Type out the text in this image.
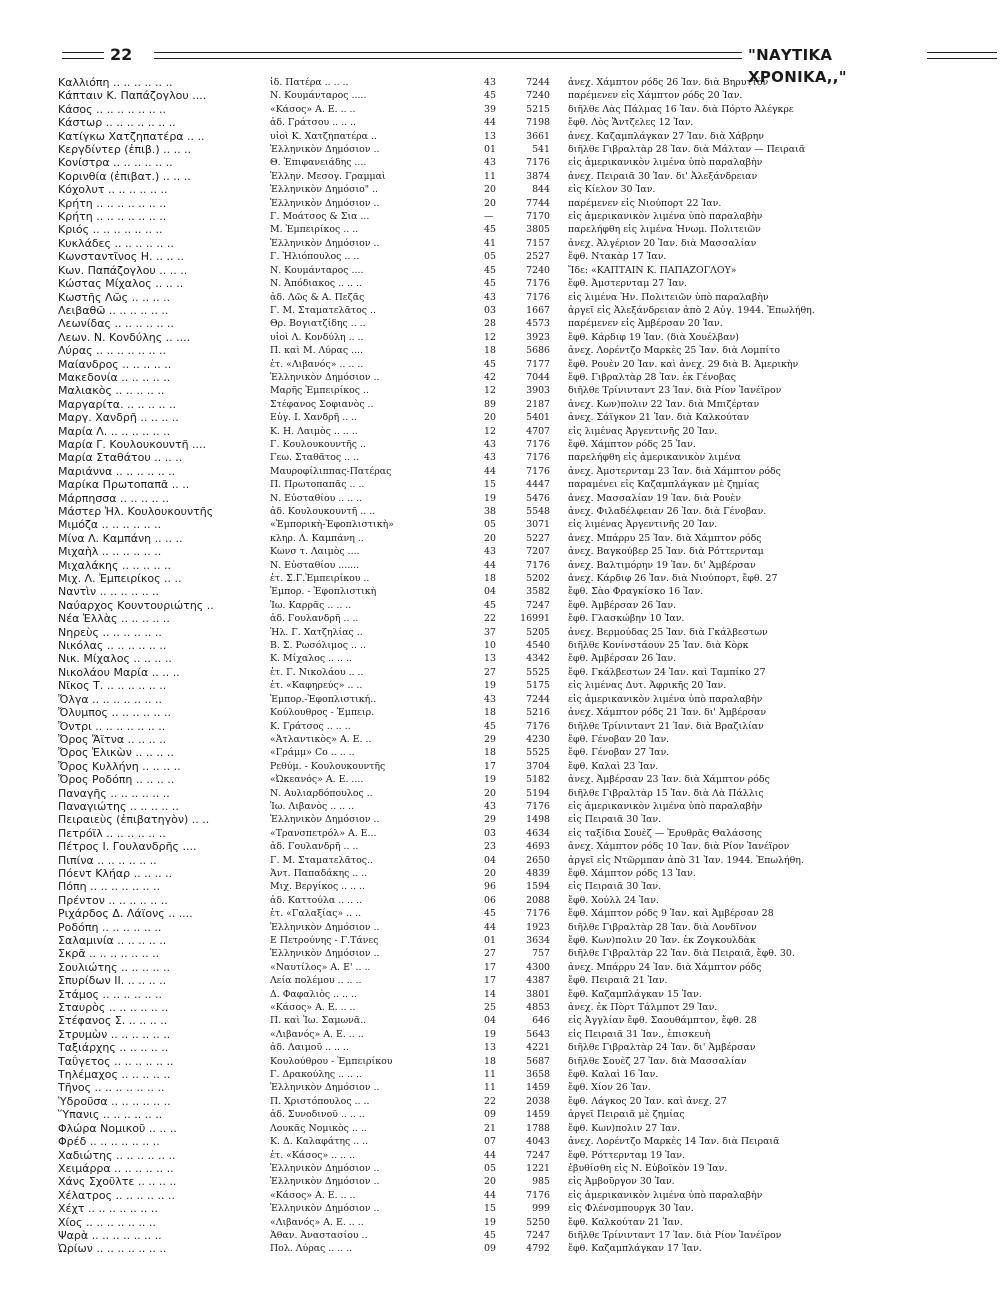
22	"ΝΑΥΤΙΚΑ ΧΡΟΝΙΚΑ,,"
Καλλιόπη .. .. .. .. .. ..	ἰδ. Πατέρα .. .. ..	43	7244 ἀνεχ. Χάμπτον ρόδς 26 Ἰαν. διὰ Βηρυττὸν
Κάπταιν Κ. Παπάζογλου ....	Ν. Κουμάνταρος .....	45	7240 παρέμενεν εἰς Χάμπτον ρόδς 20 Ἰαν.
Κάσος .. .. .. .. .. .. ..	«Κάσος» Α. Ε. .. ..	39	5215 διῆλθε Λὰς Πάλμας 16 Ἰαν. διὰ Πόρτο Ἀλέγκρε
Κάστωρ .. .. .. .. .. .. ..	ἀδ. Γράτσου .. .. ..	44	7198 ἔφθ. Λὸς Ἄντζελες 12 Ἰαν.
Κατίγκω Χατζηπατέρα .. ..	υἱοὶ Κ. Χατζηπατέρα ..	13	3661 ἀνεχ. Καζαμπλάγκαν 27 Ἰαν. διὰ Χάβρην
Κεργδίντερ (ἐπιβ.) .. .. ..	Ἑλληνικὸν Δημόσιον ..	01	541 διῆλθε Γιβραλτὰρ 28 Ἰαν. διὰ Μάλταν — Πειραιᾶ
Κονίστρα .. .. .. .. .. ..	Θ. Ἐπιφανειάδης ....	43	7176 εἰς ἀμερικανικὸν λιμένα ὑπὸ παραλαβὴν
Κορινθία (ἐπιβατ.) .. .. ..	Ἑλλην. Μεσογ. Γραμμαὶ	11	3874 ἀνεχ. Πειραιᾶ 30 Ἰαν. δι' Ἀλεξάνδρειαν
Κόχολυτ .. .. .. .. .. ..	Ἑλληνικὸν Δημόσιο" ..	20	844 εἰς Κίελον 30 Ἰαν.
Κρήτη .. .. .. .. .. .. ..	Ἑλληνικὸν Δημόσιον ..	20	7744 παρέμενεν εἰς Νιούπορτ 22 Ἰαν.
Κρήτη .. .. .. .. .. .. ..	Γ. Μοάτσος & Σια ...	—	7170 εἰς ἀμερικανικὸν λιμένα ὑπὸ παραλαβὴν
Κριός .. .. .. .. .. .. ..	Μ. Ἐμπειρίκος .. ..	45	3805 παρελήφθη εἰς λιμένα Ἡνωμ. Πολιτειῶν
Κυκλάδες .. .. .. .. .. ..	Ἑλληνικὸν Δημόσιον ..	41	7157 ἀνεχ. Ἀλγέριον 20 Ἰαν. διὰ Μασσαλίαν
Κωνσταντῖνος Η. .. .. ..	Γ. Ἠλιόπουλος .. ..	05	2527 ἔφθ. Ντακὰρ 17 Ἰαν.
Κων. Παπάζογλου .. .. ..	Ν. Κουμάνταρος ....	45	7240 Ἴδε: «ΚΑΠΤΑΙΝ Κ. ΠΑΠΑΖΟΓΛΟΥ»
Κώστας Μίχαλος .. .. ..	Ν. Ἀπόδιακος .. .. ..	45	7176 ἔφθ. Ἀμστερνταμ 27 Ἰαν.
Κωστῆς Λῶς .. .. .. ..	ἀδ. Λῶς & Α. Πεζᾶς	43	7176 εἰς λιμένα Ἡν. Πολιτειῶν ὑπὸ παραλαβὴν
Λειβαθῶ .. .. .. .. .. ..	Γ. Μ. Σταματελᾶτος ..	03	1667 ἀργεῖ εἰς Ἀλεξάνδρειαν ἀπὸ 2 Αὐγ. 1944. Ἐπωλήθη.
Λεωνίδας .. .. .. .. .. ..	Θρ. Βογιατζίδης .. ..	28	4573 παρέμενεν εἰς Ἀμβέρσαν 20 Ἰαν.
Λεων. Ν. Κονδύλης .. ....	υἱοὶ Λ. Κονδύλη .. ..	12	3923 ἔφθ. Κάρδιφ 19 Ἰαν. (διὰ Χουέλβαν)
Λύρας .. .. .. .. .. .. ..	Π. καὶ Μ. Λύρας ....	18	5686 ἀνεχ. Λορέντζο Μαρκὲς 25 Ἰαν. διὰ Λομπίτο
Μαίανδρος .. .. .. .. ..	ἑτ. «Λιβανός» .. .. ..	45	7177 ἔφθ. Ρουὲν 20 Ἰαν. καὶ ἀνεχ. 29 διὰ Β. Ἀμερικὴν
Μακεδονία .. .. .. .. ..	Ἑλληνικὸν Δημόσιον ..	42	7044 ἔφθ. Γιβραλτὰρ 28 Ἰαν. ἐκ Γένοβας
Μαλιακὸς .. .. .. .. ..	Μαρῆς Ἐμπειρίκος ..	12	3903 διῆλθε Τρίνινταντ 23 Ἰαν. διὰ Ρίον Ἰανέϊρον
Μαργαρίτα. .. .. .. .. ..	Στέφανος Σοφιανὸς ..	89	2187 ἀνεχ. Κων)πολιν 22 Ἰαν. διὰ Μπιζέρταν
Μαργ. Χανδρῆ .. .. .. ..	Εὐγ. Ι. Χανδρῆ .. ..	20	5401 ἀνεχ. Σάϊγκον 21 Ἰαν. διὰ Καλκούταν
Μαρία Λ. .. .. .. .. .. ..	Κ. Η. Λαιμὸς .. .. ..	12	4707 εἰς λιμένας Ἀργεντινῆς 20 Ἰαν.
Μαρία Γ. Κουλουκουντῆ ....	Γ. Κουλουκουντῆς ..	43	7176 ἔφθ. Χάμπτον ρόδς 25 Ἰαν.
Μαρία Σταθάτου .. .. ..	Γεω. Σταθᾶτος .. ..	43	7176 παρελήφθη εἰς ἀμερικανικὸν λιμένα
Μαριάννα .. .. .. .. .. ..	Μαυροφίλιππας-Πατέρας	44	7176 ἀνεχ. Ἀμστερνταμ 23 Ἰαν. διὰ Χάμπτον ρόδς
Μαρίκα Πρωτοπαπᾶ .. ..	Π. Πρωτοπαπᾶς .. ..	15	4447 παραμένει εἰς Καζαμπλάγκαν μὲ ζημίας
Μάρπησσα .. .. .. .. ..	Ν. Εὐσταθίου .. .. ..	19	5476 ἀνεχ. Μασσαλίαν 19 Ἰαν. διὰ Ρουὲν
Μάστερ Ἠλ. Κουλουκουντῆς	ἀδ. Κουλουκουντῆ .. ..	38	5548 ἀνεχ. Φιλαδέλφειαν 26 Ἰαν. διὰ Γένοβαν.
Μιμόζα .. .. .. .. .. ..	«Ἐμπορικὴ-Ἐφοπλιστικὴ»	05	3071 εἰς λιμένας Ἀργεντινῆς 20 Ἰαν.
Μίνα Λ. Καμπάνη .. .. ..	κληρ. Λ. Καμπάνη ..	20	5227 ἀνεχ. Μπάρρυ 25 Ἰαν. διὰ Χάμπτον ρόδς
Μιχαὴλ .. .. .. .. .. ..	Κωνσ τ. Λαιμὸς ....	43	7207 ἀνεχ. Βαγκούβερ 25 Ἰαν. διὰ Ρόττερνταμ
Μιχαλάκης .. .. .. .. ..	Ν. Εὐσταθίου .......	44	7176 ἀνεχ. Βαλτιμόρην 19 Ἰαν. δι' Ἀμβέρσαν
Μιχ. Λ. Ἐμπειρίκος .. ..	ἑτ. Σ.Γ.Ἐμπειρίκου ..	18	5202 ἀνεχ. Κάρδιφ 26 Ἰαν. διὰ Νιούπορτ, ἔφθ. 27
Ναντὶν .. .. .. .. .. ..	Ἐμπορ. - Ἐφοπλιστικὴ	04	3582 ἔφθ. Σὰο Φραγκίσκο 16 Ἰαν.
Ναύαρχος Κουντουριώτης ..	Ἰω. Καρρᾶς .. .. ..	45	7247 ἔφθ. Ἀμβέρσαν 26 Ἰαν.
Νέα Ἑλλὰς .. .. .. .. ..	ἀδ. Γουλανδρῆ .. ..	22	16991 ἔφθ. Γλασκώβην 10 Ἰαν.
Νηρεὺς .. .. .. .. .. ..	Ἠλ. Γ. Χατζηλίας ..	37	5205 ἀνεχ. Βερμούδας 25 Ἰαν. διὰ Γκάλβεστων
Νικόλας .. .. .. .. .. ..	Β. Σ. Ρωσόλιμος .. ..	10	4540 διῆλθε Κονίνστάουν 25 Ἰαν. διὰ Κὸρκ
Νικ. Μίχαλος .. .. .. ..	Κ. Μίχαλος .. .. ..	13	4342 ἔφθ. Ἀμβέρσαν 26 Ἰαν.
Νικολάου Μαρία .. .. ..	ἑτ. Γ. Νικολάου .. ..	27	5525 ἔφθ. Γκάλβεστων 24 Ἰαν. καὶ Ταμπίκο 27
Νῖκος Τ. .. .. .. .. .. ..	ἑτ. «Καφηρεύς» .. ..	19	5175 εἰς λιμένας Δυτ. Ἀφρικῆς 20 Ἰαν.
Ὄλγα .. .. .. .. .. .. ..	Ἐμπορ.-Ἐφοπλιστική..	43	7244 εἰς ἀμερικανικὸν λιμένα ὑπὸ παραλαβὴν
Ὄλυμπος .. .. .. .. .. ..	Κούλουθρος - Ἐμπειρ.	18	5216 ἀνεχ. Χάμπτον ρόδς 21 Ἰαν. δι' Ἀμβέρσαν
Ὄντρι .. .. .. .. .. .. ..	Κ. Γράτσος .. .. ..	45	7176 διῆλθε Τρίνινταντ 21 Ἰαν. διὰ Βραζιλίαν
Ὄρος Ἄϊτνα .. .. .. ..	«Ἀτλαντικὸς» Α. Ε. ..	29	4230 ἔφθ. Γένοβαν 20 Ἰαν.
Ὄρος Ἑλικὼν .. .. .. ..	«Γράμμ» Co .. .. ..	18	5525 ἔφθ. Γένοβαν 27 Ἰαν.
Ὄρος Κυλλήνη .. .. .. ..	Ρεθύμ. - Κουλουκουντῆς	17	3704 ἔφθ. Καλαὶ 23 Ἰαν.
Ὄρος Ροδόπη .. .. .. ..	«Ὠκεανός» Α. Ε. ....	19	5182 ἀνεχ. Ἀμβέρσαν 23 Ἰαν. διὰ Χάμπτον ρόδς
Παναγῆς .. .. .. .. .. ..	Ν. Αυλιαρδόπουλος ..	20	5194 διῆλθε Γιβραλτὰρ 15 Ἰαν. διὰ Λὰ Πάλλις
Παναγιώτης .. .. .. .. ..	Ἰω. Λιβανὸς .. .. ..	43	7176 εἰς ἀμερικανικὸν λιμένα ὑπὸ παραλαβὴν
Πειραιεὺς (ἐπιβατηγὸν) .. ..	Ἑλληνικὸν Δημόσιον ..	29	1498 εἰς Πειραιᾶ 30 Ἰαν.
Πετρόϊλ .. .. .. .. .. ..	«Τρανσπετρόλ» Α. Ε...	03	4634 εἰς ταξίδια Σουὲζ — Ἐρυθρᾶς Θαλάσσης
Πέτρος Ι. Γουλανδρῆς ....	ἀδ. Γουλανδρῆ .. ..	23	4693 ἀνεχ. Χάμπτον ρόδς 10 Ἰαν. διὰ Ρίον Ἰανέϊρον
Πιπίνα .. .. .. .. .. ..	Γ. Μ. Σταματελᾶτος..	04	2650 ἀργεῖ εἰς Ντῶρμπαν ἀπὸ 31 Ἰαν. 1944. Ἐπωλήθη.
Πόεντ Κλήαρ .. .. .. ..	Ἀντ. Παπαδάκης .. ..	20	4839 ἔφθ. Χάμπτον ρόδς 13 Ἰαν.
Πόπη .. .. .. .. .. .. ..	Μιχ. Βεργίκος .. .. ..	96	1594 εἰς Πειραιᾶ 30 Ἰαν.
Πρέντον .. .. .. .. .. ..	ἀδ. Καττούλα .. .. ..	06	2088 ἔφθ. Χούλλ 24 Ἰαν.
Ριχάρδος Δ. Λάϊονς .. ....	ἑτ. «Γαλαξίας» .. ..	45	7176 ἔφθ. Χάμπτον ρόδς 9 Ἰαν. καὶ Ἀμβέρσαν 28
Ροδόπη .. .. .. .. .. ..	Ἑλληνικὸν Δημόσιον ..	44	1923 διῆλθε Γιβραλτὰρ 28 Ἰαν. διὰ Λονδῖνον
Σαλαμινία .. .. .. .. ..	Ε Πετρούνης - Γ.Τάνες	01	3634 ἔφθ. Κων)πολιν 20 Ἰαν. ἐκ Ζογκουλδὰκ
Σκρᾶ .. .. .. .. .. .. ..	Ἑλληνικὸν Δημόσιον ..	27	757 διῆλθε Γιβραλτὰρ 22 Ἰαν. διὰ Πειραιᾶ, ἔφθ. 30.
Σουλιώτης .. .. .. .. ..	«Ναυτίλος» Α. Ε' .. ..	17	4300 ἀνεχ. Μπάρρυ 24 Ἰαν. διὰ Χάμπτον ρόδς
Σπυρίδων ΙΙ. .. .. .. ..	Λεία πολέμου .. .. ..	17	4387 ἔφθ. Πειραιᾶ 21 Ἰαν.
Στάμος .. .. .. .. .. ..	Δ. Φαφαλιὸς .. .. ..	14	3801 ἔφθ. Καζαμπλάγκαν 15 Ἰαν.
Σταυρὸς .. .. .. .. .. ..	«Κάσος» Α. Ε. .. ..	25	4853 ἀνεχ. ἐκ Πὸρτ Τάλμποτ 29 Ἰαν.
Στέφανος Σ. .. .. .. ..	Π. καὶ Ἰω. Σαμωνᾶ..	04	646 εἰς Ἀγγλίαν ἔφθ. Σαουθάμπτον, ἔφθ. 28
Στρυμὼν .. .. .. .. .. ..	«Λιβανός» Α. Ε. .. ..	19	5643 εἰς Πειραιᾶ 31 Ἰαν., ἐπισκευὴ
Ταξιάρχης .. .. .. .. ..	ἀδ. Λαιμοῦ .. .. ..	13	4221 διῆλθε Γιβραλτὰρ 24 Ἰαν. δι' Ἀμβέρσαν
Ταΰγετος .. .. .. .. .. ..	Κουλούθρου - Ἐμπειρίκου	18	5687 διῆλθε Σουὲζ 27 Ἰαν. διὰ Μασσαλίαν
Τηλέμαχος .. .. .. .. ..	Γ. Δρακούλης .. .. ..	11	3658 ἔφθ. Καλαὶ 16 Ἰαν.
Τῆνος .. .. .. .. .. .. ..	Ἑλληνικὸν Δημόσιον ..	11	1459 ἔφθ. Χίον 26 Ἰαν.
Ὑδροῦσα .. .. .. .. .. ..	Π. Χριστόπουλος .. ..	22	2038 ἔφθ. Λάγκος 20 Ἰαν. καὶ ἀνεχ. 27
Ὕπανις .. .. .. .. .. ..	ἀδ. Συνοδινοῦ .. .. ..	09	1459 ἀργεῖ Πειραιᾶ μὲ ζημίας
Φλώρα Νομικοῦ .. .. ..	Λουκᾶς Νομικὸς .. ..	21	1788 ἔφθ. Κων)πολιν 27 Ἰαν.
Φρέδ .. .. .. .. .. .. ..	Κ. Δ. Καλαφάτης .. ..	07	4043 ἀνεχ. Λορέντζο Μαρκὲς 14 Ἰαν. διὰ Πειραιᾶ
Χαδιώτης .. .. .. .. .. ..	ἑτ. «Κάσος» .. .. ..	44	7247 ἔφθ. Ρόττερνταμ 19 Ἰαν.
Χειμάρρα .. .. .. .. .. ..	Ἑλληνικὸν Δημόσιον ..	05	1221 ἐβυθίσθη εἰς Ν. Εὐβοϊκὸν 19 Ἰαν.
Χάνς Σχοῦλτε .. .. .. ..	Ἑλληνικὸν Δημόσιον ..	20	985 εἰς Ἀμβοῦργον 30 Ἰαν.
Χέλατρος .. .. .. .. .. ..	«Κάσος» Α. Ε. .. ..	44	7176 εἰς ἀμερικανικὸν λιμένα ὑπὸ παραλαβὴν
Χέχτ .. .. .. .. .. .. ..	Ἑλληνικὸν Δημόσιον ..	15	999 εἰς Φλένσμπουργκ 30 Ἰαν.
Χίος .. .. .. .. .. .. ..	«Λιβανός» Α. Ε. .. ..	19	5250 ἔφθ. Καλκούταν 21 Ἰαν.
Ψαρὰ .. .. .. .. .. .. ..	Ἀθαν. Ἀναστασίου ..	45	7247 διῆλθε Τρίνινταντ 17 Ἰαν. διὰ Ρίον Ἰανέϊρον
Ὠρίων .. .. .. .. .. .. ..	Πολ. Λύρας .. .. ..	09	4792 ἔφθ. Καζαμπλάγκαν 17 Ἰαν.
